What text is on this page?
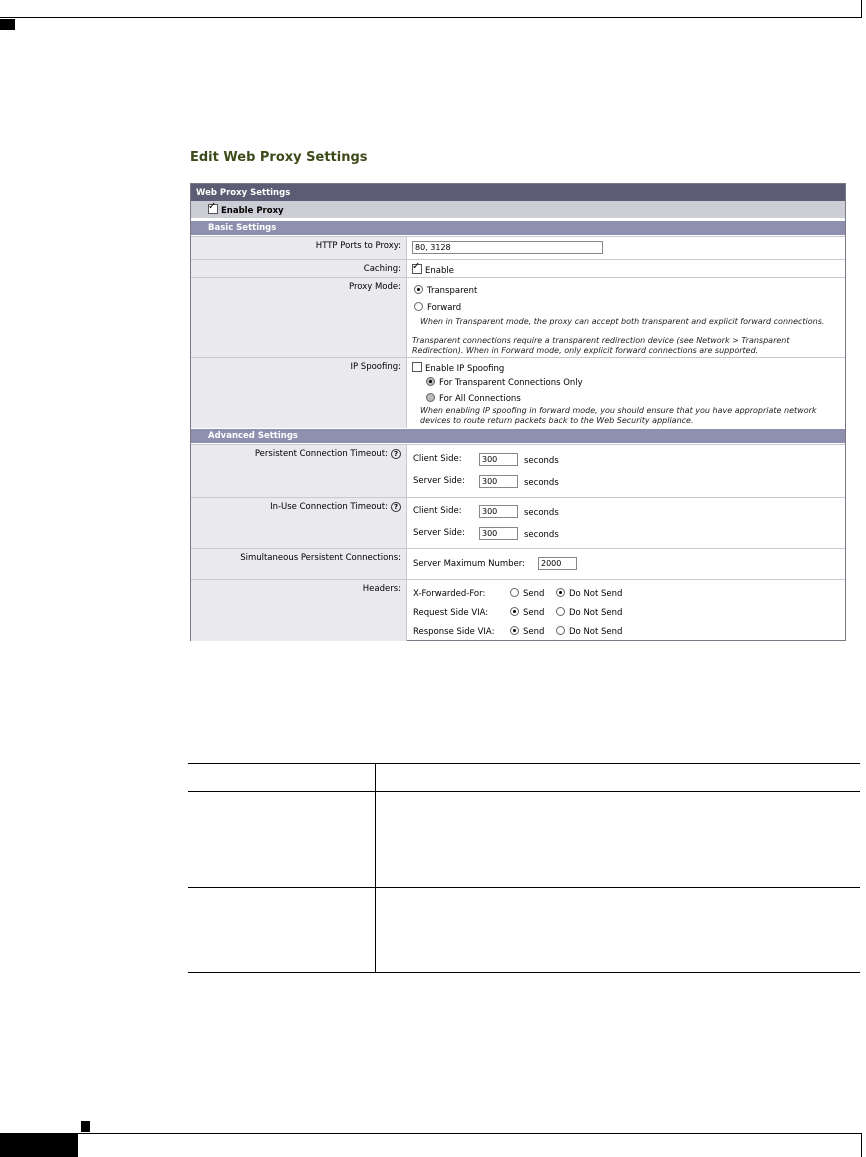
Edit Web Proxy Settings
Web Proxy Settings
✓Enable Proxy
Basic Settings
HTTP Ports to Proxy:	80, 3128
Caching:
✓	Enable
Proxy Mode:	Transparent
Forward
When in Transparent mode, the proxy can accept both transparent and explicit forward connections.
Transparent connections require a transparent redirection device (see Network > Transparent Redirection). When in Forward mode, only explicit forward connections are supported.
IP Spoofing:	Enable IP Spoofing
For Transparent Connections Only
For All Connections
When enabling IP spoofing in forward mode, you should ensure that you have appropriate network devices to route return packets back to the Web Security appliance.
Advanced Settings
Persistent Connection Timeout: ?	Client Side:	300	seconds
Server Side:	300	seconds
In-Use Connection Timeout: ?	Client Side:	300	seconds
Server Side:	300	seconds
Simultaneous Persistent Connections:
Server Maximum Number:	2000
Headers:	X-Forwarded-For:	Send	Do Not Send
Request Side VIA:	Send	Do Not Send
Response Side VIA:	Send	Do Not Send
